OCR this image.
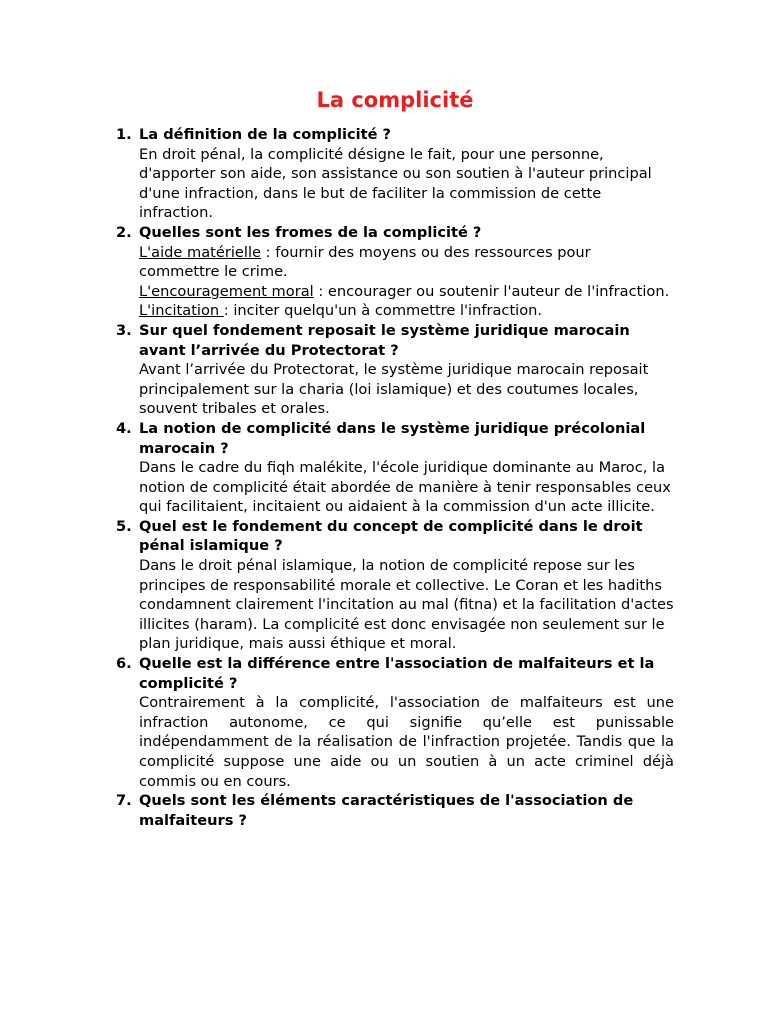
La complicité
1. La définition de la complicité ?
En droit pénal, la complicité désigne le fait, pour une personne, d'apporter son aide, son assistance ou son soutien à l'auteur principal d'une infraction, dans le but de faciliter la commission de cette infraction.
2. Quelles sont les fromes de la complicité ?
L'aide matérielle : fournir des moyens ou des ressources pour commettre le crime.
L'encouragement moral : encourager ou soutenir l'auteur de l'infraction.
L'incitation : inciter quelqu'un à commettre l'infraction.
3. Sur quel fondement reposait le système juridique marocain avant l’arrivée du Protectorat ?
Avant l’arrivée du Protectorat, le système juridique marocain reposait principalement sur la charia (loi islamique) et des coutumes locales, souvent tribales et orales.
4. La notion de complicité dans le système juridique précolonial marocain ?
Dans le cadre du fiqh malékite, l'école juridique dominante au Maroc, la notion de complicité était abordée de manière à tenir responsables ceux qui facilitaient, incitaient ou aidaient à la commission d'un acte illicite.
5. Quel est le fondement du concept de complicité dans le droit pénal islamique ?
Dans le droit pénal islamique, la notion de complicité repose sur les principes de responsabilité morale et collective. Le Coran et les hadiths condamnent clairement l'incitation au mal (fitna) et la facilitation d'actes illicites (haram). La complicité est donc envisagée non seulement sur le plan juridique, mais aussi éthique et moral.
6. Quelle est la différence entre l'association de malfaiteurs et la complicité ?
Contrairement à la complicité, l'association de malfaiteurs est une infraction autonome, ce qui signifie qu’elle est punissable indépendamment de la réalisation de l'infraction projetée. Tandis que la complicité suppose une aide ou un soutien à un acte criminel déjà commis ou en cours.
7. Quels sont les éléments caractéristiques de l'association de malfaiteurs ?
